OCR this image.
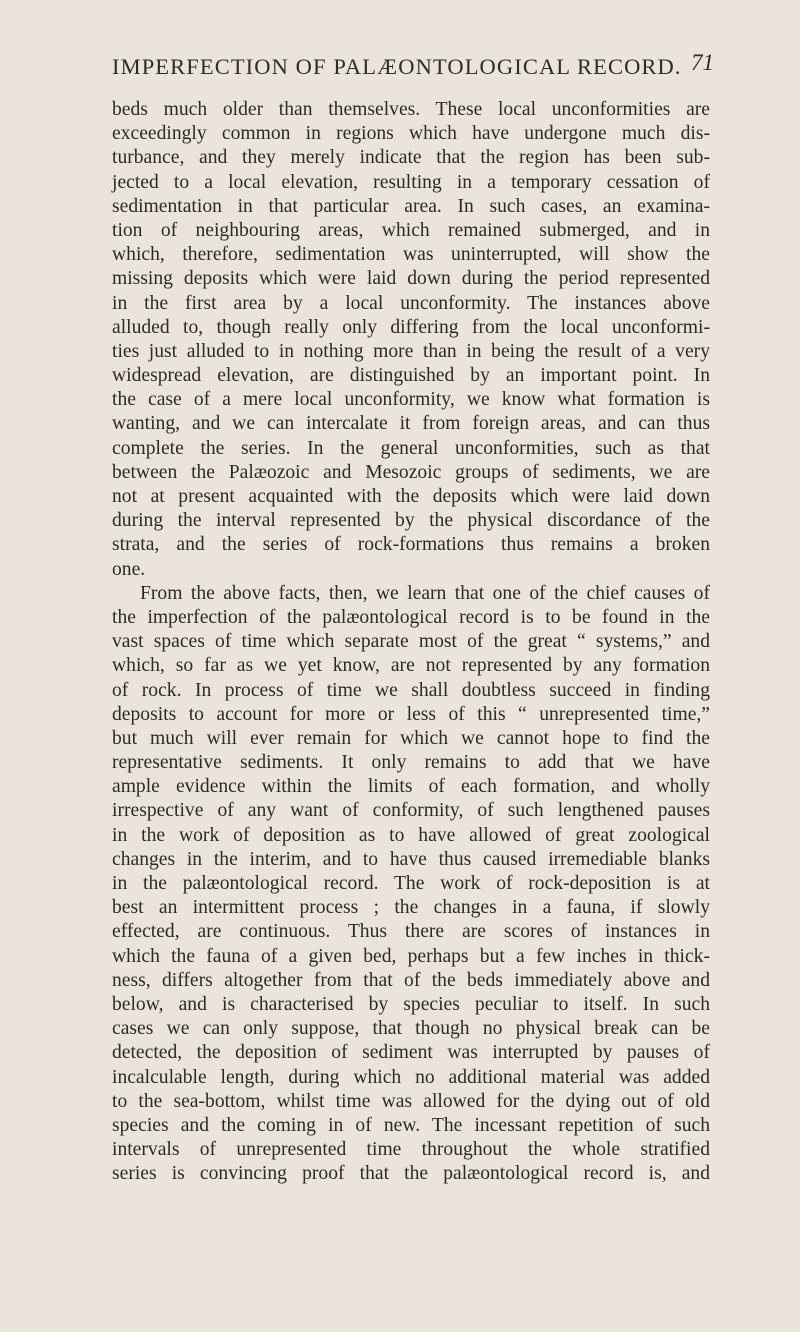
IMPERFECTION OF PALÆONTOLOGICAL RECORD. 71
beds much older than themselves. These local unconformities are
exceedingly common in regions which have undergone much dis-
turbance, and they merely indicate that the region has been sub-
jected to a local elevation, resulting in a temporary cessation of
sedimentation in that particular area. In such cases, an examina-
tion of neighbouring areas, which remained submerged, and in
which, therefore, sedimentation was uninterrupted, will show the
missing deposits which were laid down during the period represented
in the first area by a local unconformity. The instances above
alluded to, though really only differing from the local unconformi-
ties just alluded to in nothing more than in being the result of a very
widespread elevation, are distinguished by an important point. In
the case of a mere local unconformity, we know what formation is
wanting, and we can intercalate it from foreign areas, and can thus
complete the series. In the general unconformities, such as that
between the Palæozoic and Mesozoic groups of sediments, we are
not at present acquainted with the deposits which were laid down
during the interval represented by the physical discordance of the
strata, and the series of rock-formations thus remains a broken
one.
From the above facts, then, we learn that one of the chief causes of
the imperfection of the palæontological record is to be found in the
vast spaces of time which separate most of the great “ systems,” and
which, so far as we yet know, are not represented by any formation
of rock. In process of time we shall doubtless succeed in finding
deposits to account for more or less of this “ unrepresented time,”
but much will ever remain for which we cannot hope to find the
representative sediments. It only remains to add that we have
ample evidence within the limits of each formation, and wholly
irrespective of any want of conformity, of such lengthened pauses
in the work of deposition as to have allowed of great zoological
changes in the interim, and to have thus caused irremediable blanks
in the palæontological record. The work of rock-deposition is at
best an intermittent process ; the changes in a fauna, if slowly
effected, are continuous. Thus there are scores of instances in
which the fauna of a given bed, perhaps but a few inches in thick-
ness, differs altogether from that of the beds immediately above and
below, and is characterised by species peculiar to itself. In such
cases we can only suppose, that though no physical break can be
detected, the deposition of sediment was interrupted by pauses of
incalculable length, during which no additional material was added
to the sea-bottom, whilst time was allowed for the dying out of old
species and the coming in of new. The incessant repetition of such
intervals of unrepresented time throughout the whole stratified
series is convincing proof that the palæontological record is, and
